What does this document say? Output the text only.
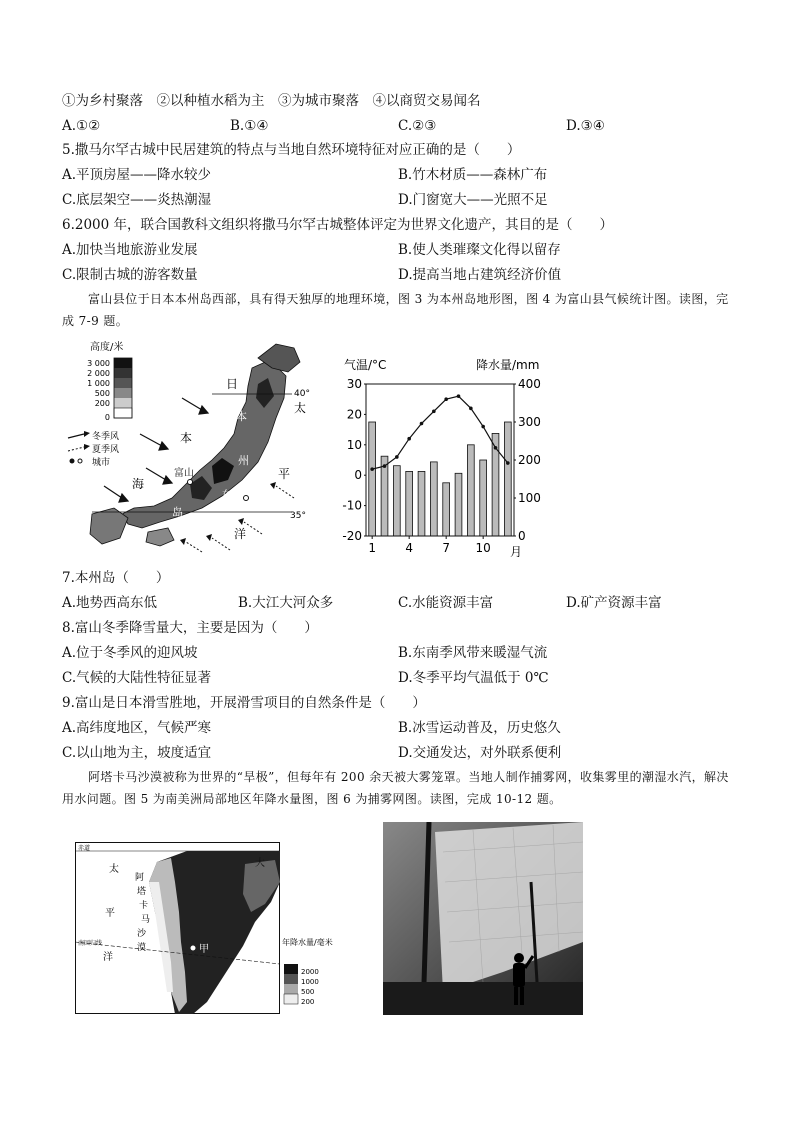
①为乡村聚落　②以种植水稻为主　③为城市聚落　④以商贸交易闻名
A.①②	B.①④	C.②③	D.③④
5.撒马尔罕古城中民居建筑的特点与当地自然环境特征对应正确的是（　　）
A.平顶房屋——降水较少	B.竹木材质——森林广布
C.底层架空——炎热潮湿	D.门窗宽大——光照不足
6.2000 年，联合国教科文组织将撒马尔罕古城整体评定为世界文化遗产，其目的是（　　）
A.加快当地旅游业发展	B.使人类璀璨文化得以留存
C.限制古城的游客数量	D.提高当地占建筑经济价值
富山县位于日本本州岛西部，具有得天独厚的地理环境，图 3 为本州岛地形图，图 4 为富山县气候统计图。读图，完成 7-9 题。
高度/米
3 000
2 000
1 000
500
200
0
冬季风
夏季风
城市
40°
35°
日
本
海
太
平
洋
富山
本
州
岛
东京
气温/°C	降水量/mm
30
20
10
0
-10
-20
400
300
200
100
0
1 4 7 10 月
7.本州岛（　　）
A.地势西高东低	B.大江大河众多	C.水能资源丰富	D.矿产资源丰富
8.富山冬季降雪量大，主要是因为（　　）
A.位于冬季风的迎风坡	B.东南季风带来暖湿气流
C.气候的大陆性特征显著	D.冬季平均气温低于 0℃
9.富山是日本滑雪胜地，开展滑雪项目的自然条件是（　　）
A.高纬度地区，气候严寒	B.冰雪运动普及，历史悠久
C.以山地为主，坡度适宜	D.交通发达，对外联系便利
阿塔卡马沙漠被称为世界的“旱极”，但每年有 200 余天被大雾笼罩。当地人制作捕雾网，收集雾里的潮湿水汽，解决用水问题。图 5 为南美洲局部地区年降水量图，图 6 为捕雾网图。读图，完成 10-12 题。
赤道
南回归线
太
平
洋
大
西
洋
阿
塔
卡
马
沙
漠	甲
年降水量/毫米
2000
1000
500
200
